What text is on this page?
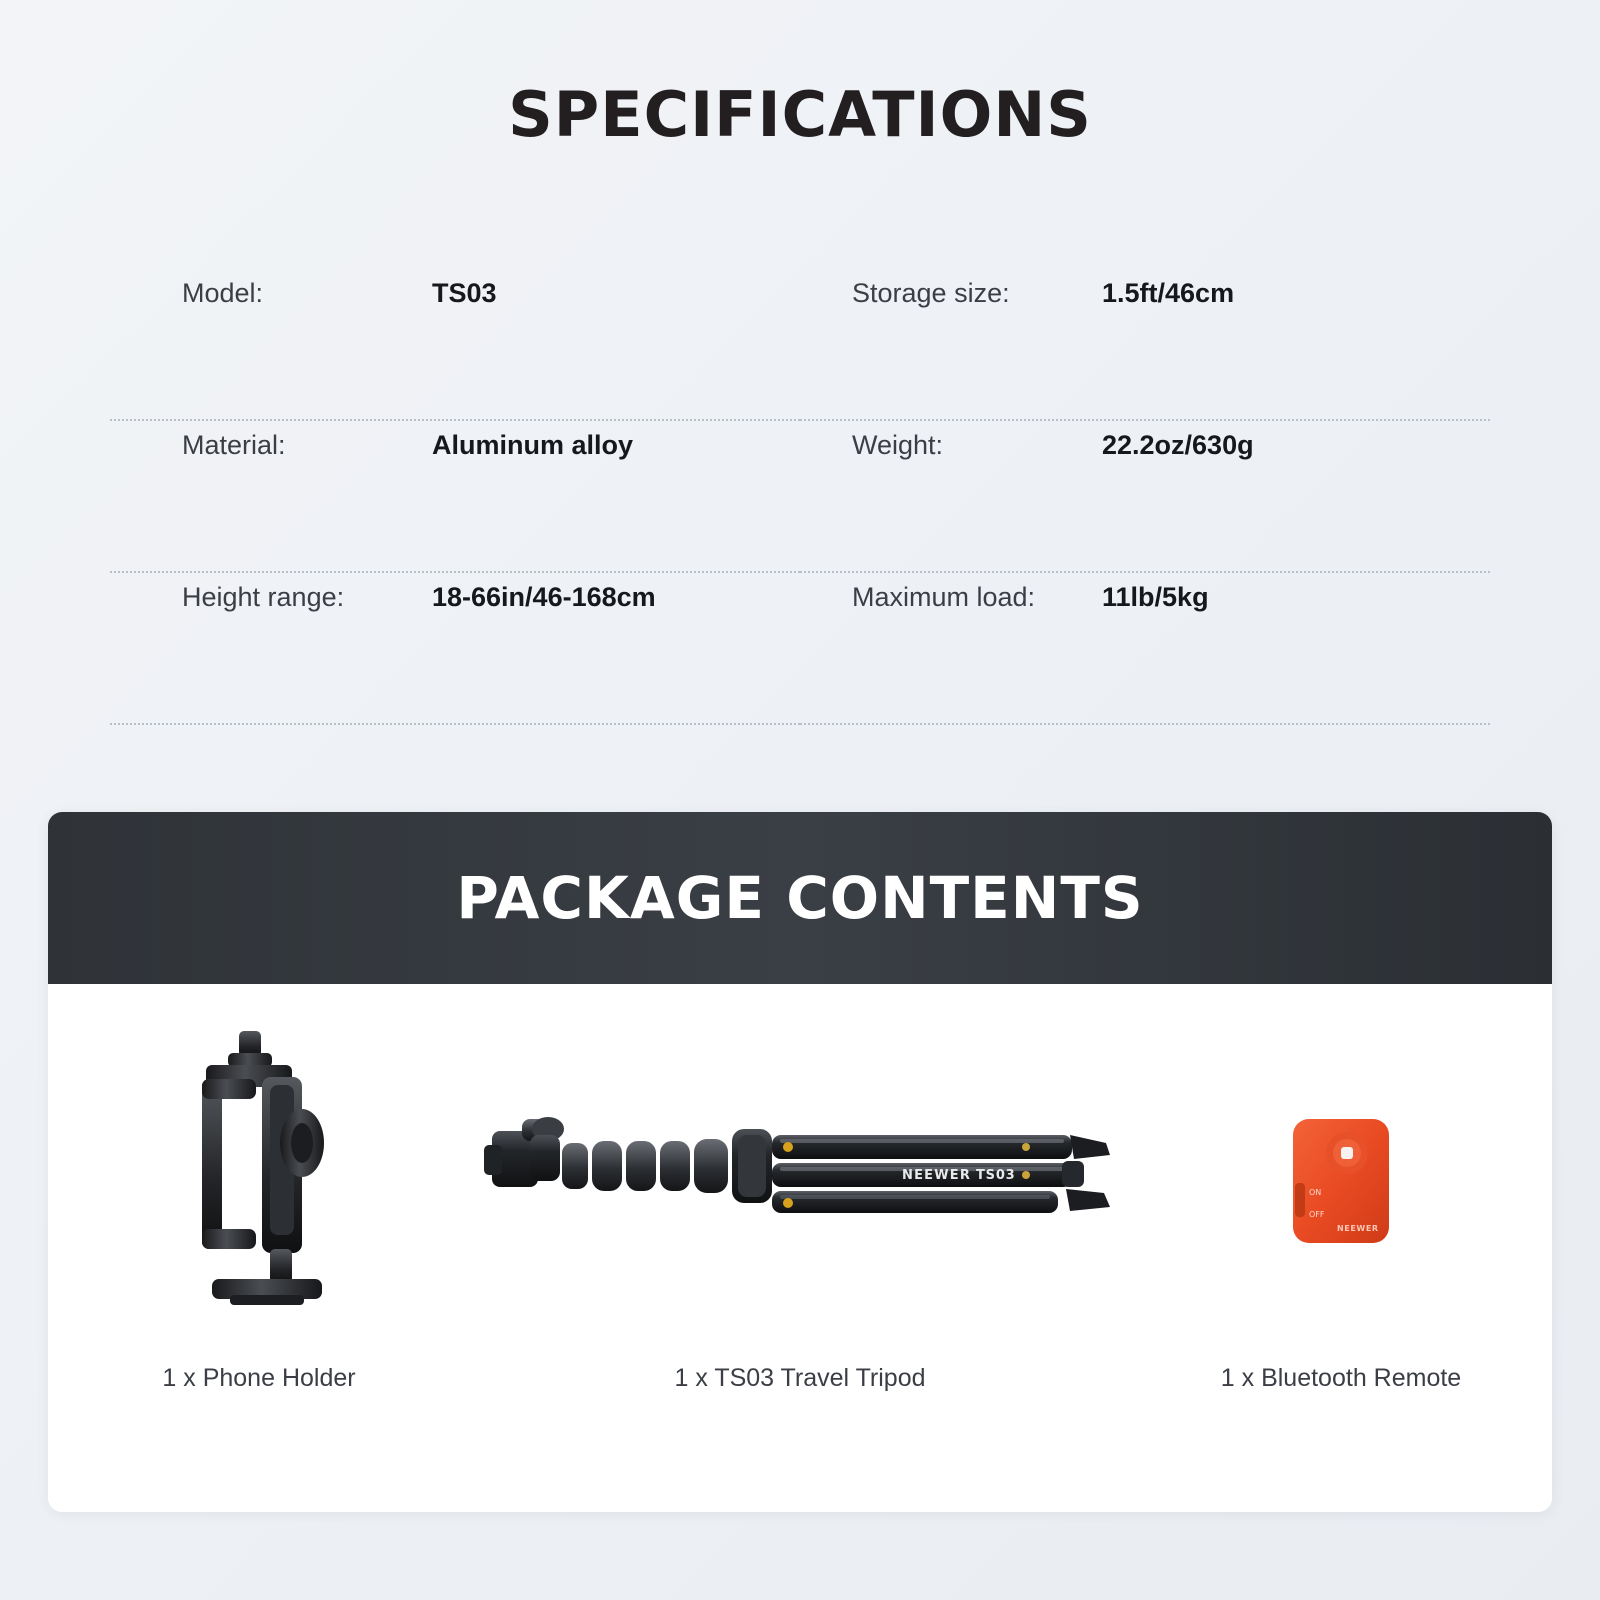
SPECIFICATIONS
Model:	TS03	Storage size:	1.5ft/46cm
Material:	Aluminum alloy	Weight:	22.2oz/630g
Height range:	18-66in/46-168cm	Maximum load:	11lb/5kg
PACKAGE CONTENTS
1 x Phone Holder
NEEWER TS03
1 x TS03 Travel Tripod
ON
OFF
NEEWER
1 x Bluetooth Remote
